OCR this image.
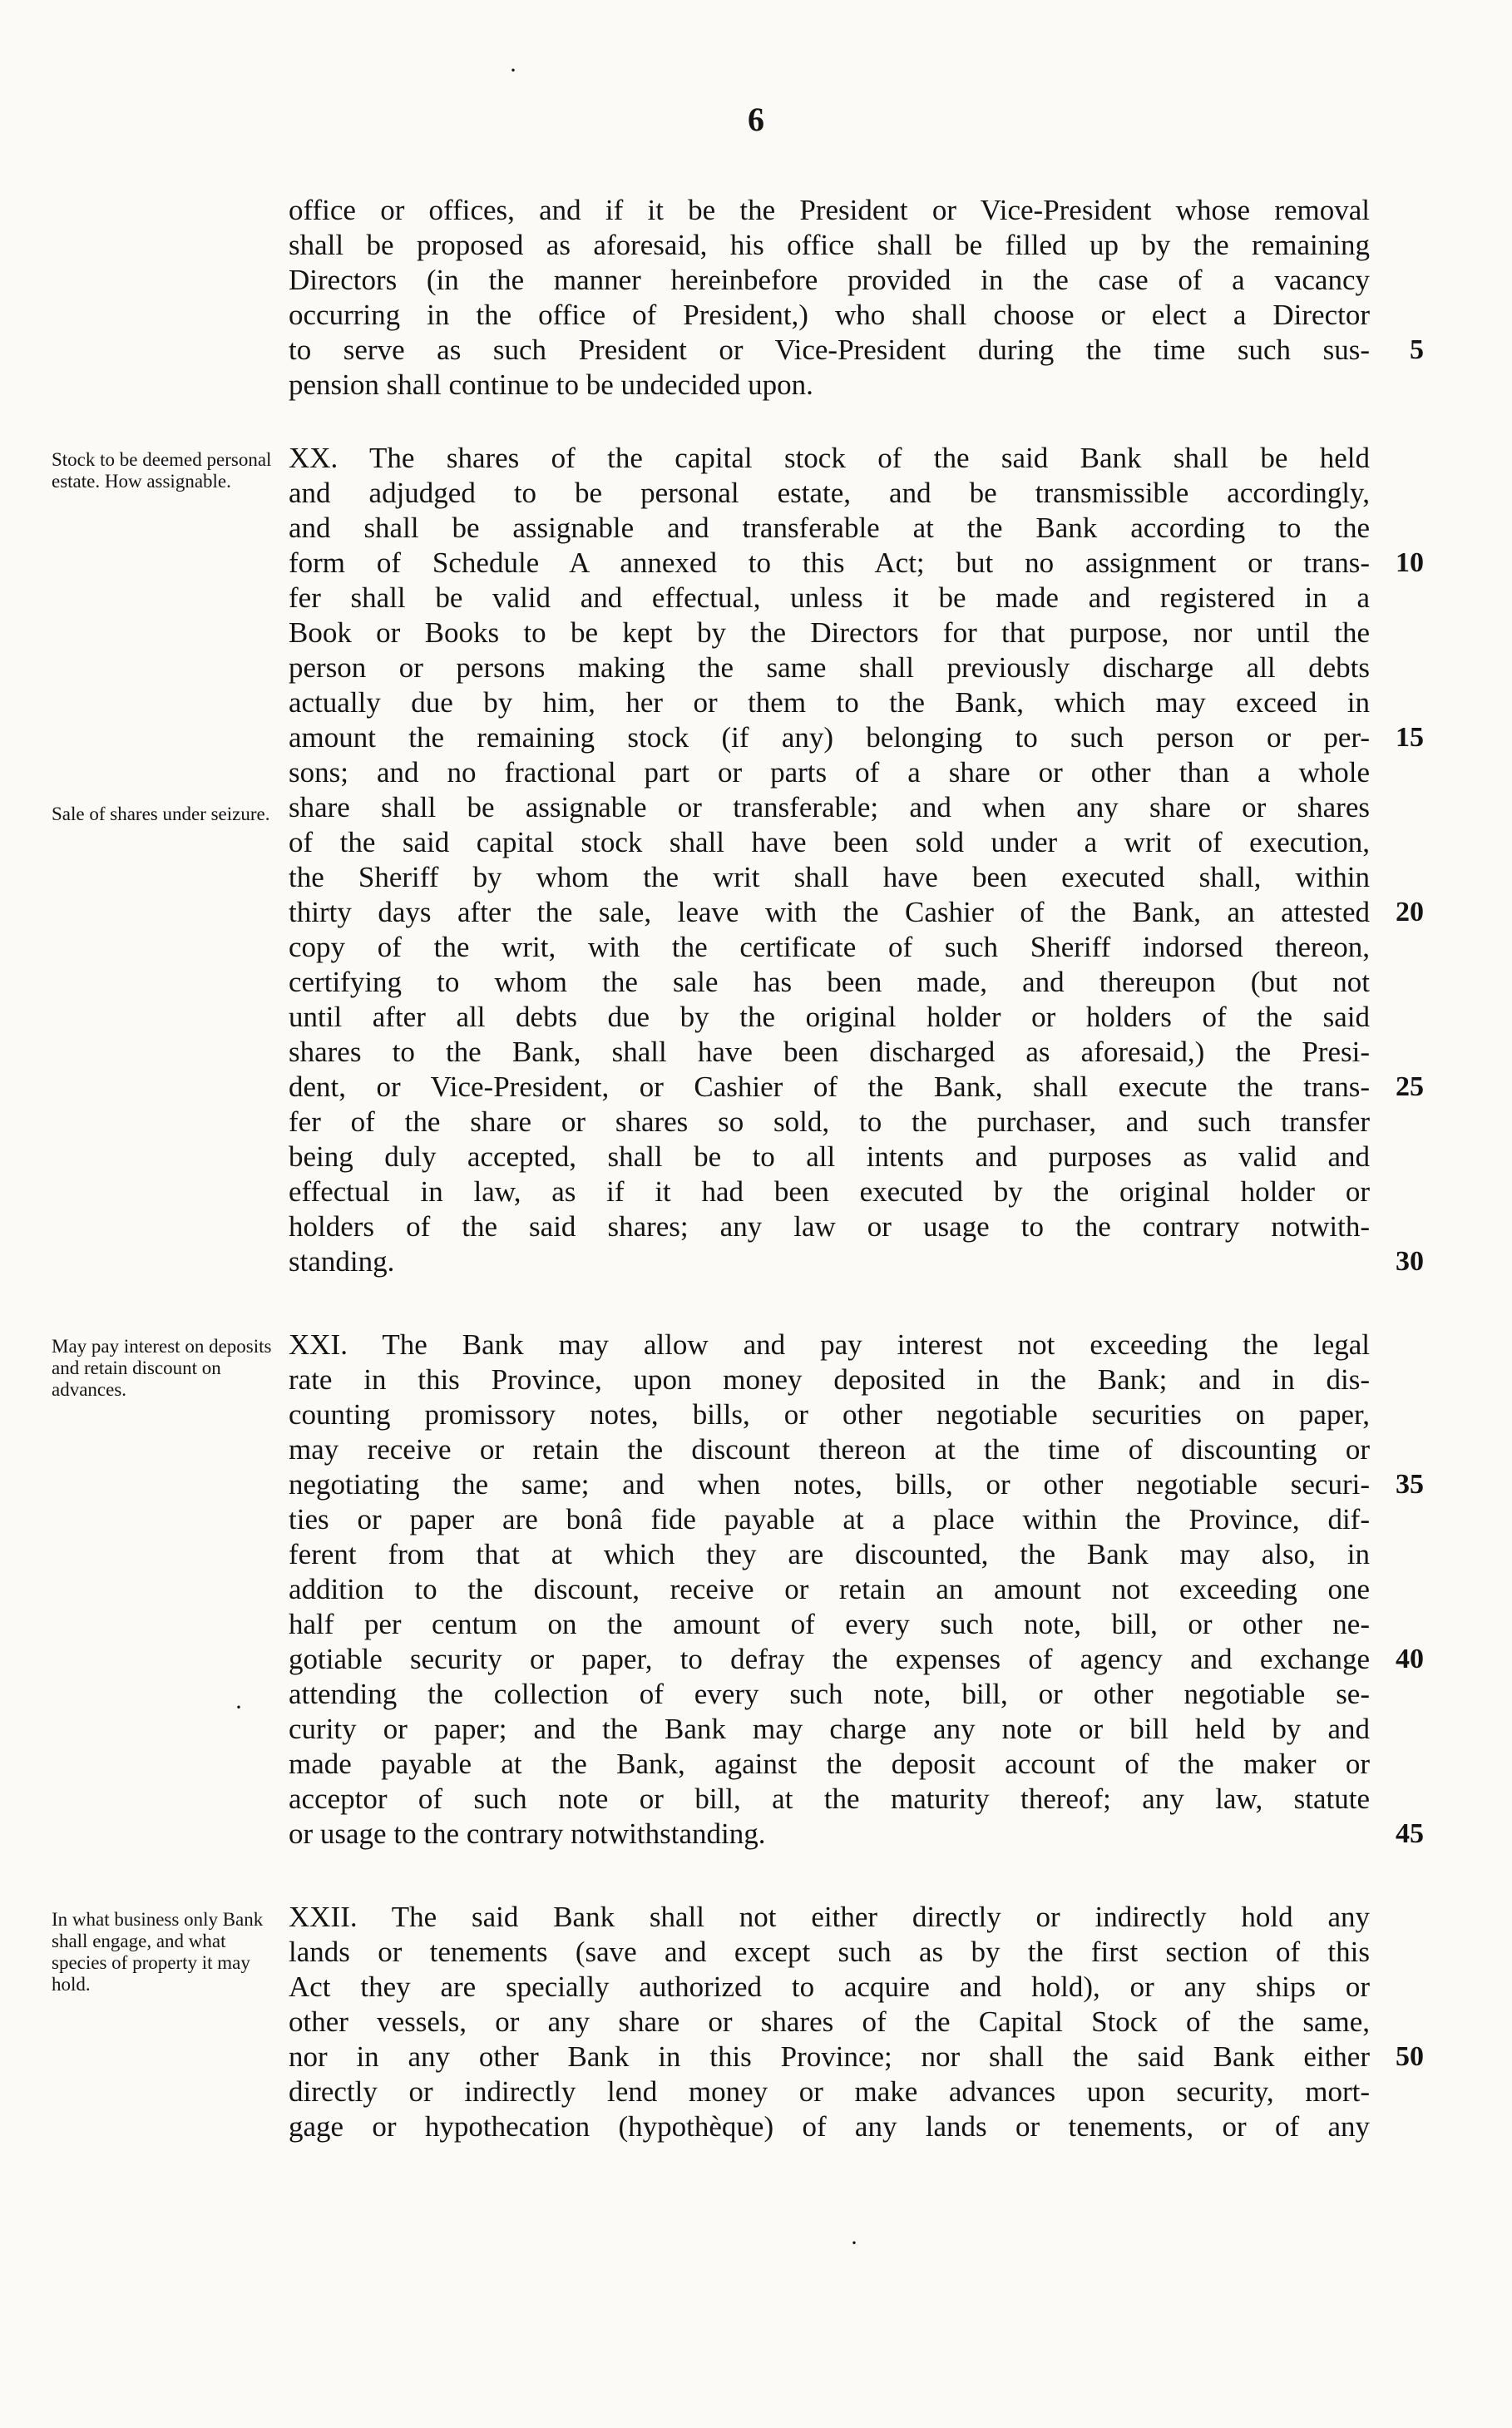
·
6
Stock to be deemed personal estate. How assignable.
Sale of shares under seizure.
May pay interest on deposits and retain discount on advances.
In what business only Bank shall engage, and what species of property it may hold.
office or offices, and if it be the President or Vice-President whose removal
shall be proposed as aforesaid, his office shall be filled up by the remaining
Directors (in the manner hereinbefore provided in the case of a vacancy
occurring in the office of President,) who shall choose or elect a Director
to serve as such President or Vice-President during the time such sus-
pension shall continue to be undecided upon.
XX. The shares of the capital stock of the said Bank shall be held
and adjudged to be personal estate, and be transmissible accordingly,
and shall be assignable and transferable at the Bank according to the
form of Schedule A annexed to this Act; but no assignment or trans-
fer shall be valid and effectual, unless it be made and registered in a
Book or Books to be kept by the Directors for that purpose, nor until the
person or persons making the same shall previously discharge all debts
actually due by him, her or them to the Bank, which may exceed in
amount the remaining stock (if any) belonging to such person or per-
sons; and no fractional part or parts of a share or other than a whole
share shall be assignable or transferable; and when any share or shares
of the said capital stock shall have been sold under a writ of execution,
the Sheriff by whom the writ shall have been executed shall, within
thirty days after the sale, leave with the Cashier of the Bank, an attested
copy of the writ, with the certificate of such Sheriff indorsed thereon,
certifying to whom the sale has been made, and thereupon (but not
until after all debts due by the original holder or holders of the said
shares to the Bank, shall have been discharged as aforesaid,) the Presi-
dent, or Vice-President, or Cashier of the Bank, shall execute the trans-
fer of the share or shares so sold, to the purchaser, and such transfer
being duly accepted, shall be to all intents and purposes as valid and
effectual in law, as if it had been executed by the original holder or
holders of the said shares; any law or usage to the contrary notwith-
standing.
XXI. The Bank may allow and pay interest not exceeding the legal
rate in this Province, upon money deposited in the Bank; and in dis-
counting promissory notes, bills, or other negotiable securities on paper,
may receive or retain the discount thereon at the time of discounting or
negotiating the same; and when notes, bills, or other negotiable securi-
ties or paper are bonâ fide payable at a place within the Province, dif-
ferent from that at which they are discounted, the Bank may also, in
addition to the discount, receive or retain an amount not exceeding one
half per centum on the amount of every such note, bill, or other ne-
gotiable security or paper, to defray the expenses of agency and exchange
attending the collection of every such note, bill, or other negotiable se-
curity or paper; and the Bank may charge any note or bill held by and
made payable at the Bank, against the deposit account of the maker or
acceptor of such note or bill, at the maturity thereof; any law, statute
or usage to the contrary notwithstanding.
XXII. The said Bank shall not either directly or indirectly hold any
lands or tenements (save and except such as by the first section of this
Act they are specially authorized to acquire and hold), or any ships or
other vessels, or any share or shares of the Capital Stock of the same,
nor in any other Bank in this Province; nor shall the said Bank either
directly or indirectly lend money or make advances upon security, mort-
gage or hypothecation (hypothèque) of any lands or tenements, or of any
5
10
15
20
25
30
35
40
45
50
·
·
